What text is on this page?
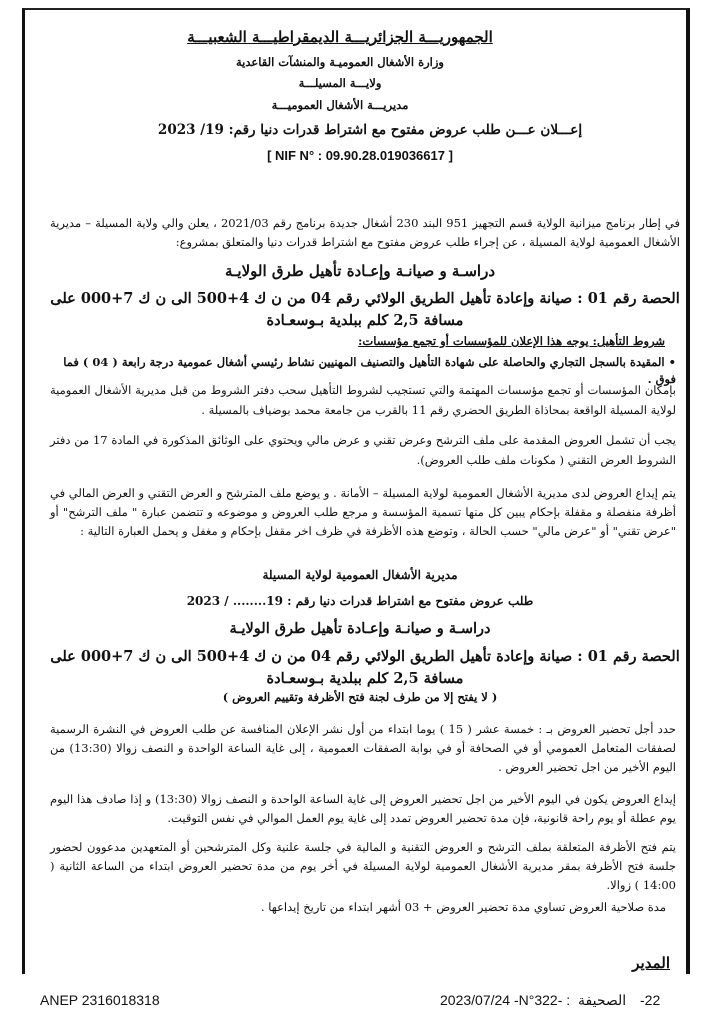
الجمهوريـــة الجزائريـــة الديمقراطيـــة الشعبيـــة
وزارة الأشغال العموميـة والمنشآت القاعدية
ولايـــة المسيلـــة
مديريـــة الأشغال العموميـــة
إعـــلان عـــن طلب عروض مفتوح مع اشتراط قدرات دنيا رقم: 19/ 2023
[ NIF N° : 09.90.28.019036617 ]
في إطار برنامج ميزانية الولاية قسم التجهيز 951 البند 230 أشغال جديدة برنامج رقم 2021/03 ، يعلن والي ولاية المسيلة – مديرية الأشغال العمومية لولاية المسيلة ، عن إجراء طلب عروض مفتوح مع اشتراط قدرات دنيا والمتعلق بمشروع:
دراسـة و صيانـة وإعـادة تأهيل طرق الولايـة
الحصة رقم 01 : صيانة وإعادة تأهيل الطريق الولائي رقم 04 من ن ك 4+500 الى ن ك 7+000 على مسافة 2,5 كلم ببلدية بـوسعـادة
شروط التأهيل: يوجه هذا الإعلان للمؤسسات أو تجمع مؤسسات:
• المقيدة بالسجل التجاري والحاصلة على شهادة التأهيل والتصنيف المهنيين نشاط رئيسي أشغال عمومية درجة رابعة ( 04 ) فما فوق .
بإمكان المؤسسات أو تجمع مؤسسات المهتمة والتي تستجيب لشروط التأهيل سحب دفتر الشروط من قبل مديرية الأشغال العمومية لولاية المسيلة الواقعة بمحاذاة الطريق الحضري رقم 11 بالقرب من جامعة محمد بوضياف بالمسيلة .
يجب أن تشمل العروض المقدمة على ملف الترشح وعرض تقني و عرض مالي ويحتوي على الوثائق المذكورة في المادة 17 من دفتر الشروط العرض التقني ( مكونات ملف طلب العروض).
يتم إيداع العروض لدى مديرية الأشغال العمومية لولاية المسيلة – الأمانة . و يوضع ملف المترشح و العرض التقني و العرض المالي في أظرفة منفصلة و مقفلة بإحكام يبين كل منها تسمية المؤسسة و مرجع طلب العروض و موضوعه و تتضمن عبارة " ملف الترشح" أو "عرض تقني" أو "عرض مالي" حسب الحالة ، وتوضع هذه الأظرفة في ظرف اخر مقفل بإحكام و مغفل و يحمل العبارة التالية :
مديرية الأشغال العمومية لولاية المسيلة
طلب عروض مفتوح مع اشتراط قدرات دنيا رقم : 19........ / 2023
دراسـة و صيانـة وإعـادة تأهيل طرق الولايـة
الحصة رقم 01 : صيانة وإعادة تأهيل الطريق الولائي رقم 04 من ن ك 4+500 الى ن ك 7+000 على مسافة 2,5 كلم ببلدية بـوسعـادة
( لا يفتح إلا من طرف لجنة فتح الأظرفة وتقييم العروض )
حدد أجل تحضير العروض بـ : خمسة عشر ( 15 ) يوما ابتداء من أول نشر الإعلان المنافسة عن طلب العروض في النشرة الرسمية لصفقات المتعامل العمومي أو في الصحافة أو في بوابة الصفقات العمومية ، إلى غاية الساعة الواحدة و النصف زوالا (13:30) من اليوم الأخير من اجل تحضير العروض .
إيداع العروض يكون في اليوم الأخير من اجل تحضير العروض إلى غاية الساعة الواحدة و النصف زوالا (13:30) و إذا صادف هذا اليوم يوم عطلة أو يوم راحة قانونية، فإن مدة تحضير العروض تمدد إلى غاية يوم العمل الموالي في نفس التوقيت.
يتم فتح الأظرفة المتعلقة بملف الترشح و العروض التقنية و المالية في جلسة علنية وكل المترشحين أو المتعهدين مدعوون لحضور جلسة فتح الأظرفة بمقر مديرية الأشغال العمومية لولاية المسيلة في أخر يوم من مدة تحضير العروض ابتداء من الساعة الثانية ( 14:00 ) زوالا.
مدة صلاحية العروض تساوي مدة تحضير العروض + 03 أشهر ابتداء من تاريخ إيداعها .
المدير
ANEP 2316018318	2023/07/24 -N°322- : الصحيفة -22
